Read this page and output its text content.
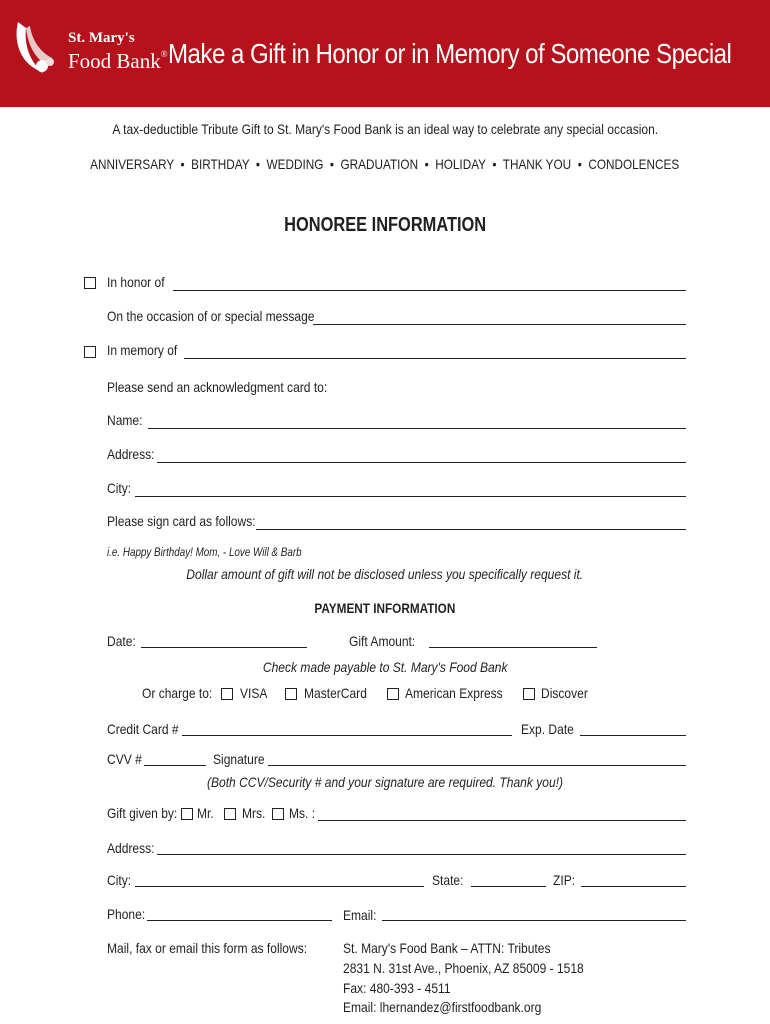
St. Mary's
Food Bank® Make a Gift in Honor or in Memory of Someone Special
A tax-deductible Tribute Gift to St. Mary's Food Bank is an ideal way to celebrate any special occasion.
ANNIVERSARY  •  BIRTHDAY  •  WEDDING  •  GRADUATION  •  HOLIDAY  •  THANK YOU  •  CONDOLENCES
HONOREE INFORMATION
In honor of
On the occasion of or special message
In memory of
Please send an acknowledgment card to:
Name:
Address:
City:
Please sign card as follows:
i.e. Happy Birthday! Mom, - Love Will & Barb
Dollar amount of gift will not be disclosed unless you specifically request it.
PAYMENT INFORMATION
Date:	Gift Amount:
Check made payable to St. Mary's Food Bank
Or charge to: VISA	MasterCard	American Express	Discover
Credit Card #	Exp. Date
CVV #	Signature
(Both CCV/Security # and your signature are required. Thank you!)
Gift given by: Mr. Mrs. Ms. :
Address:
City:	State:	ZIP:
Phone:	Email:
Mail, fax or email this form as follows:	St. Mary's Food Bank – ATTN: Tributes
2831 N. 31st Ave., Phoenix, AZ 85009 - 1518
Fax: 480-393 - 4511
Email: lhernandez@firstfoodbank.org
